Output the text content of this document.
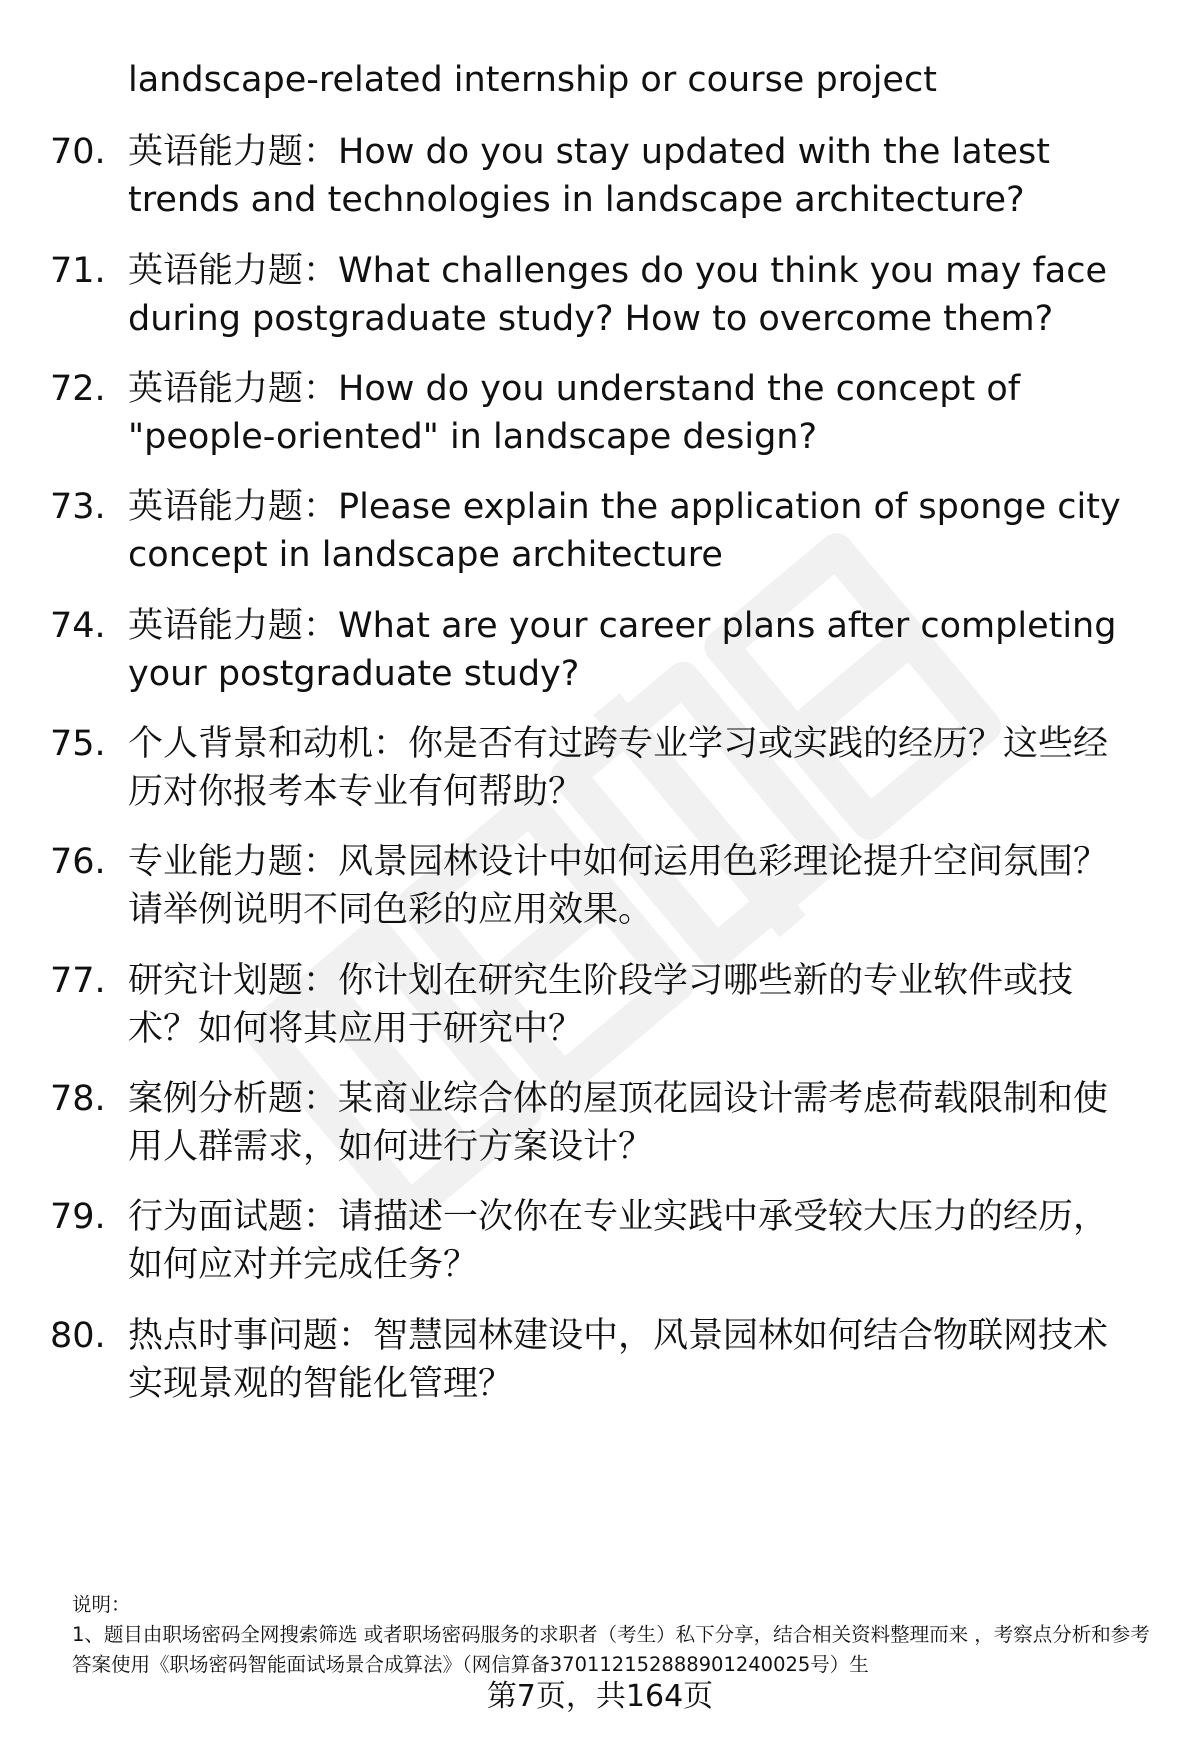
landscape-related internship or course project
70. 英语能力题：How do you stay updated with the latest trends and technologies in landscape architecture?
71. 英语能力题：What challenges do you think you may face during postgraduate study? How to overcome them?
72. 英语能力题：How do you understand the concept of "people-oriented" in landscape design?
73. 英语能力题：Please explain the application of sponge city concept in landscape architecture
74. 英语能力题：What are your career plans after completing your postgraduate study?
75. 个人背景和动机：你是否有过跨专业学习或实践的经历？这些经历对你报考本专业有何帮助？
76. 专业能力题：风景园林设计中如何运用色彩理论提升空间氛围？请举例说明不同色彩的应用效果。
77. 研究计划题：你计划在研究生阶段学习哪些新的专业软件或技术？如何将其应用于研究中？
78. 案例分析题：某商业综合体的屋顶花园设计需考虑荷载限制和使用人群需求，如何进行方案设计？
79. 行为面试题：请描述一次你在专业实践中承受较大压力的经历，如何应对并完成任务？
80. 热点时事问题：智慧园林建设中，风景园林如何结合物联网技术实现景观的智能化管理？
说明：
1、题目由职场密码全网搜索筛选 或者职场密码服务的求职者（考生）私下分享，结合相关资料整理而来 ，考察点分析和参考答案使用《职场密码智能面试场景合成算法》（网信算备370112152888901240025号）生
第7页，共164页
